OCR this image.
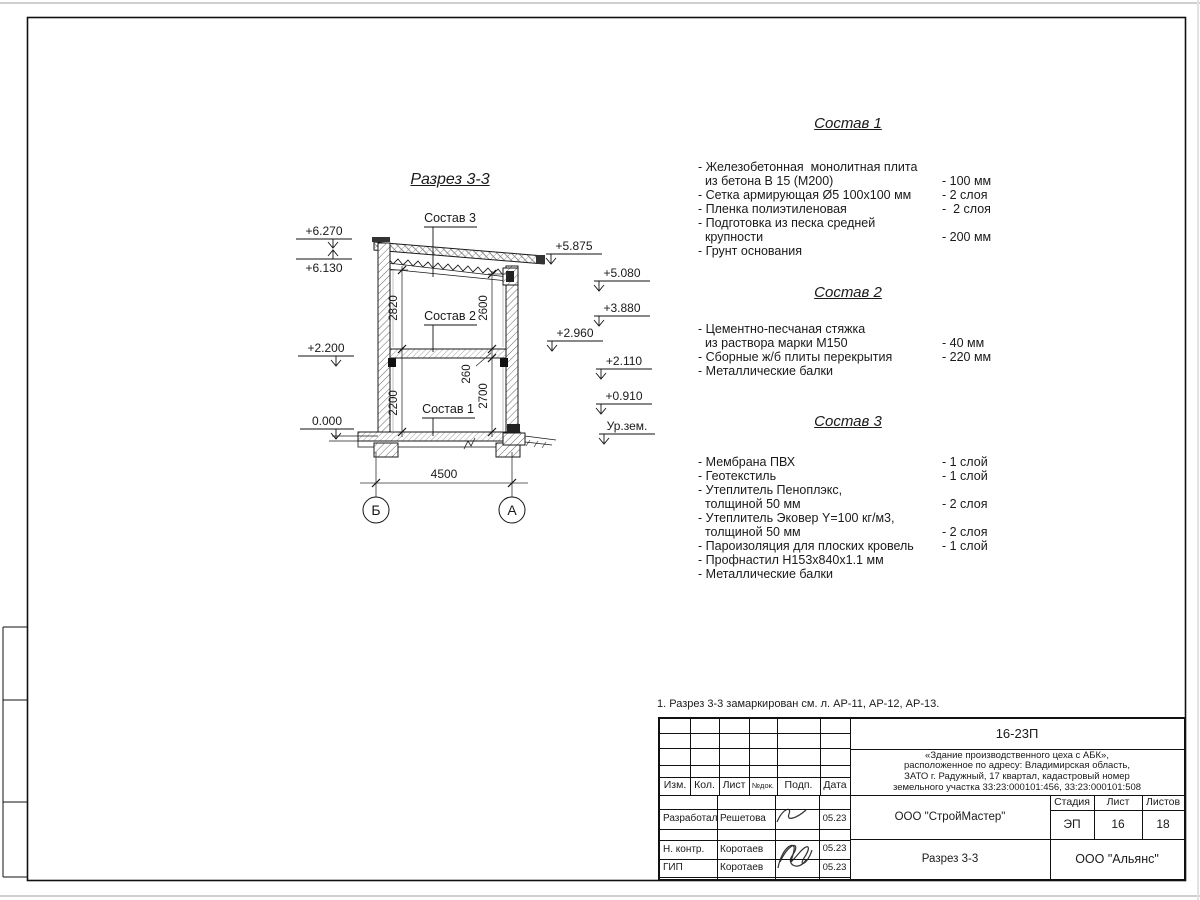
Состав 3
Состав 2
Состав 1
2820
2200
2600
2700
260
4500
Б	А
+6.270
+6.130
+2.200
0.000
+5.875
+5.080
+3.880
+2.960
+2.110
+0.910
Ур.зем.
Разрез 3-3
Состав 1
- Железобетонная  монолитная плита
из бетона В 15 (М200)	- 100 мм
- Сетка армирующая Ø5 100х100 мм - 2 слоя
- Пленка полиэтиленовая	-  2 слоя
- Подготовка из песка средней
крупности	- 200 мм
- Грунт основания
Состав 2
- Цементно-песчаная стяжка
из раствора марки М150	- 40 мм
- Сборные ж/б плиты перекрытия	- 220 мм
- Металлические балки
Состав 3
- Мембрана ПВХ	- 1 слой
- Геотекстиль	- 1 слой
- Утеплитель Пеноплэкс,
толщиной 50 мм	- 2 слоя
- Утеплитель Эковер Y=100 кг/м3,
толщиной 50 мм	- 2 слоя
- Пароизоляция для плоских кровель - 1 слой
- Профнастил Н153х840х1.1 мм
- Металлические балки
1. Разрез 3-3 замаркирован см. л. АР-11, АР-12, АР-13.
Изм. Кол. Лист №док.	Подп.	Дата
16-23П
«Здание производственного цеха с АБК»,
расположенное по адресу: Владимирская область,
ЗАТО г. Радужный, 17 квартал, кадастровый номер
земельного участка 33:23:000101:456, 33:23:000101:508
Разработал Решетова	05.23
Н. контр.	Коротаев	05.23
ГИП	Коротаев	05.23
ООО "СтройМастер"
Стадия	Лист	Листов
ЭП	16	18
Разрез 3-3	ООО "Альянс"
